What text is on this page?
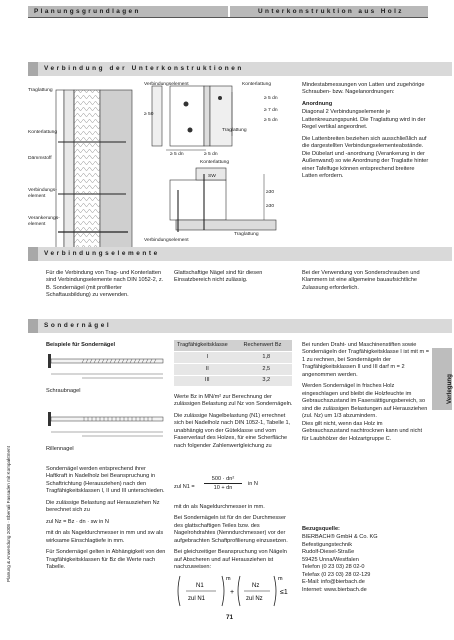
Planungsgrundlagen	Unterkonstruktion aus Holz
Verbindung der Unterkonstruktionen
Traglattung
Konterlattung
Dämmstoff
Verbindungs-
element
Verankerungs-
element
Verbindungselement	Konterlattung
Traglattung
Konterlattung
Traglattung
Verbindungselement
SW
≥ 50
≥ 5 dn
≥ 7 dn
≥ 5 dn
≥ 5 dn	≥ 5 dn
≥30
≥30

Mindestabmessungen von Latten und zugehörige Schrauben- bzw. Nagelanordnungen:

Anordnung

Diagonal 2 Verbindungselemente je Lattenkreuzungspunkt. Die Traglattung wird in der Regel vertikal angeordnet.

Die Lattenbreiten beziehen sich ausschließlich auf die dargestellten Verbindungselementeabstände. Die Dübelart und -anordnung (Verankerung in der Außenwand) so wie Anordnung der Traglatte hinter einer Tafelfuge können entsprechend breitere Latten erfordern.

Verbindungselemente
Für die Verbindung von Trag- und Konterlatten sind Verbindungselemente nach DIN 1052-2, z. B. Sondernägel (mit profilierter Schaftausbildung) zu verwenden.
Glattschaftige Nägel sind für diesen Einsatzbereich nicht zulässig.
Bei der Verwendung von Sonderschrauben und Klammern ist eine allgemeine bauaufsichtliche Zulassung erforderlich.
Sondernägel
Beispiele für Sondernägel
Schraubnagel
Rillennagel

Sondernägel werden entsprechend ihrer Haftkraft in Nadelholz bei Beanspruchung in Schaftrichtung (Herausziehen) nach den Tragfähigkeitsklassen I, II und III unterschieden.

Die zulässige Belastung auf Herausziehen Nz berechnet sich zu

zul Nz = Bz · dn · sw in N

mit dn als Nageldurchmesser in mm und sw als wirksame Einschlagtiefe in mm.

Für Sondernägel gelten in Abhängigkeit von den Tragfähigkeitsklassen für Bz die Werte nach Tabelle.

Tragfähigkeitsklasse	Rechenwert Bz
I	1,8
II	2,5
III	3,2

Werte Bz in MN/m² zur Berechnung der zulässigen Belastung zul Nz von Sondernägeln.

Die zulässige Nagelbelastung (N1) errechnet sich bei Nadelholz nach DIN 1052-1, Tabelle 1, unabhängig von der Güteklasse und vom Faserverlauf des Holzes, für eine Scherfläche nach folgender Zahlenwertgleichung zu

zul N1 =
500 · dn²
10 + dn
in N

mit dn als Nageldurchmesser in mm.

Bei Sondernägeln ist für dn der Durchmesser des glattschaftigen Teiles bzw. des Nagelrohdrahtes (Nenndurchmesser) vor der aufgebrachten Schaftprofilierung einzusetzen.

Bei gleichzeitiger Beanspruchung von Nägeln auf Abscheren und auf Herausziehen ist nachzuweisen:

N1
zul N1
m
+
Nz
zul Nz
m
≤1

Bei runden Draht- und Maschinenstiften sowie Sondernägeln der Tragfähigkeitsklasse I ist mit m = 1 zu rechnen, bei Sondernägeln der Tragfähigkeitsklassen II und III darf m = 2 angenommen werden.

Werden Sondernägel in frisches Holz eingeschlagen und bleibt die Holzfeuchte im Gebrauchszustand im Fasersättigungsbereich, so sind die zulässigen Belastungen auf Herausziehen (zul. Nz) um 1/3 abzumindern.

Dies gilt nicht, wenn das Holz im Gebrauchszustand nachtrocknen kann und nicht für Laubhölzer der Holzartgruppe C.

Bezugsquelle:
BIERBACH® GmbH & Co. KG
Befestigungstechnik
Rudolf-Diesel-Straße
59425 Unna/Westfalen
Telefon (0 23 03) 28 02-0
Telefax (0 23 03) 28 02-129
E-Mail: info@bierbach.de
Internet: www.bierbach.de
Planung & Anwendung 2008 · Ebenali Fassaden mit Kompaktment
Verlegung
71
